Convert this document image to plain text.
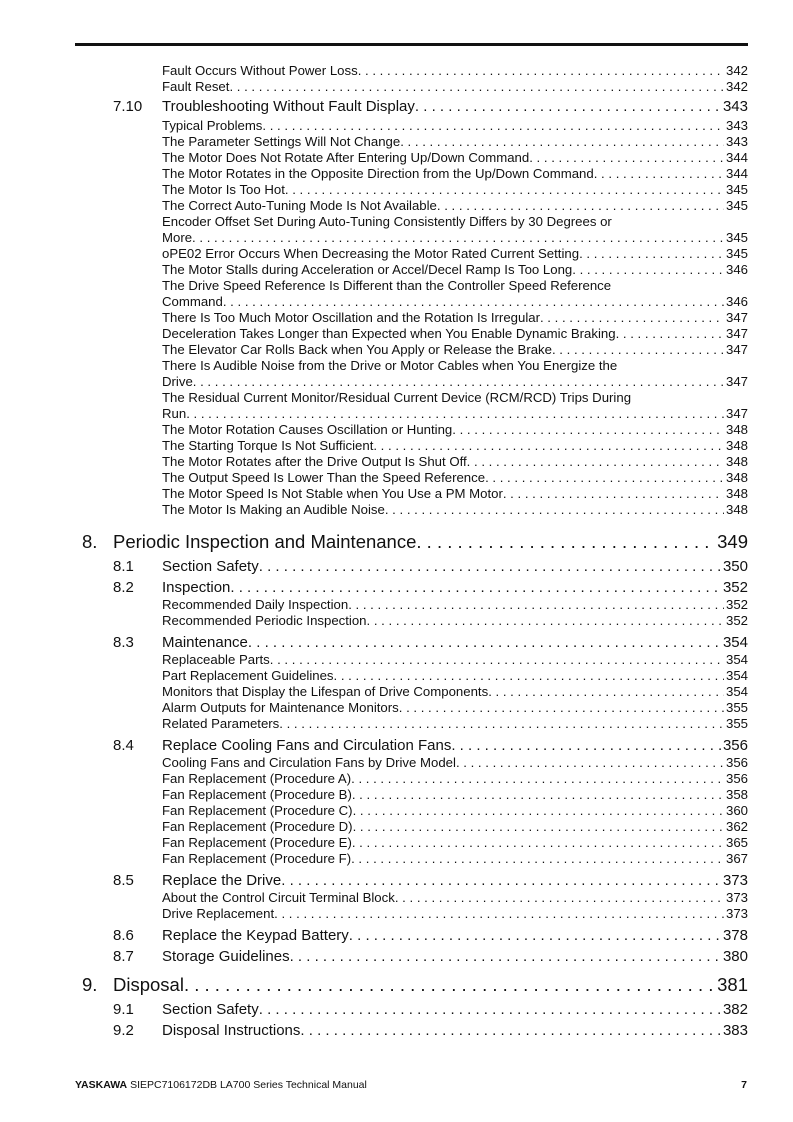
Fault Occurs Without Power Loss . . .	342
Fault Reset . . .	342
7.10 Troubleshooting Without Fault Display . . .	343
Typical Problems . . .	343
The Parameter Settings Will Not Change . . .	343
The Motor Does Not Rotate After Entering Up/Down Command . . .	344
The Motor Rotates in the Opposite Direction from the Up/Down Command . . .	344
The Motor Is Too Hot . . .	345
The Correct Auto-Tuning Mode Is Not Available . . .	345
Encoder Offset Set During Auto-Tuning Consistently Differs by 30 Degrees or
More . . .	345
oPE02 Error Occurs When Decreasing the Motor Rated Current Setting . . .	345
The Motor Stalls during Acceleration or Accel/Decel Ramp Is Too Long . . .	346
The Drive Speed Reference Is Different than the Controller Speed Reference
Command . . .	346
There Is Too Much Motor Oscillation and the Rotation Is Irregular . . .	347
Deceleration Takes Longer than Expected when You Enable Dynamic Braking . . .	347
The Elevator Car Rolls Back when You Apply or Release the Brake . . .	347
There Is Audible Noise from the Drive or Motor Cables when You Energize the
Drive . . .	347
The Residual Current Monitor/Residual Current Device (RCM/RCD) Trips During
Run . . .	347
The Motor Rotation Causes Oscillation or Hunting . . .	348
The Starting Torque Is Not Sufficient . . .	348
The Motor Rotates after the Drive Output Is Shut Off . . .	348
The Output Speed Is Lower Than the Speed Reference . . .	348
The Motor Speed Is Not Stable when You Use a PM Motor . . .	348
The Motor Is Making an Audible Noise . . .	348
8. Periodic Inspection and Maintenance . . .	349
8.1 Section Safety . . .	350
8.2 Inspection . . .	352
Recommended Daily Inspection . . .	352
Recommended Periodic Inspection . . .	352
8.3 Maintenance . . .	354
Replaceable Parts . . .	354
Part Replacement Guidelines . . .	354
Monitors that Display the Lifespan of Drive Components . . .	354
Alarm Outputs for Maintenance Monitors . . .	355
Related Parameters . . .	355
8.4 Replace Cooling Fans and Circulation Fans . . .	356
Cooling Fans and Circulation Fans by Drive Model . . .	356
Fan Replacement (Procedure A) . . .	356
Fan Replacement (Procedure B) . . .	358
Fan Replacement (Procedure C) . . .	360
Fan Replacement (Procedure D) . . .	362
Fan Replacement (Procedure E) . . .	365
Fan Replacement (Procedure F) . . .	367
8.5 Replace the Drive . . .	373
About the Control Circuit Terminal Block . . .	373
Drive Replacement . . .	373
8.6 Replace the Keypad Battery . . .	378
8.7 Storage Guidelines . . .	380
9. Disposal . . .	381
9.1 Section Safety . . .	382
9.2 Disposal Instructions . . .	383
YASKAWA SIEPC7106172DB LA700 Series Technical Manual	7
